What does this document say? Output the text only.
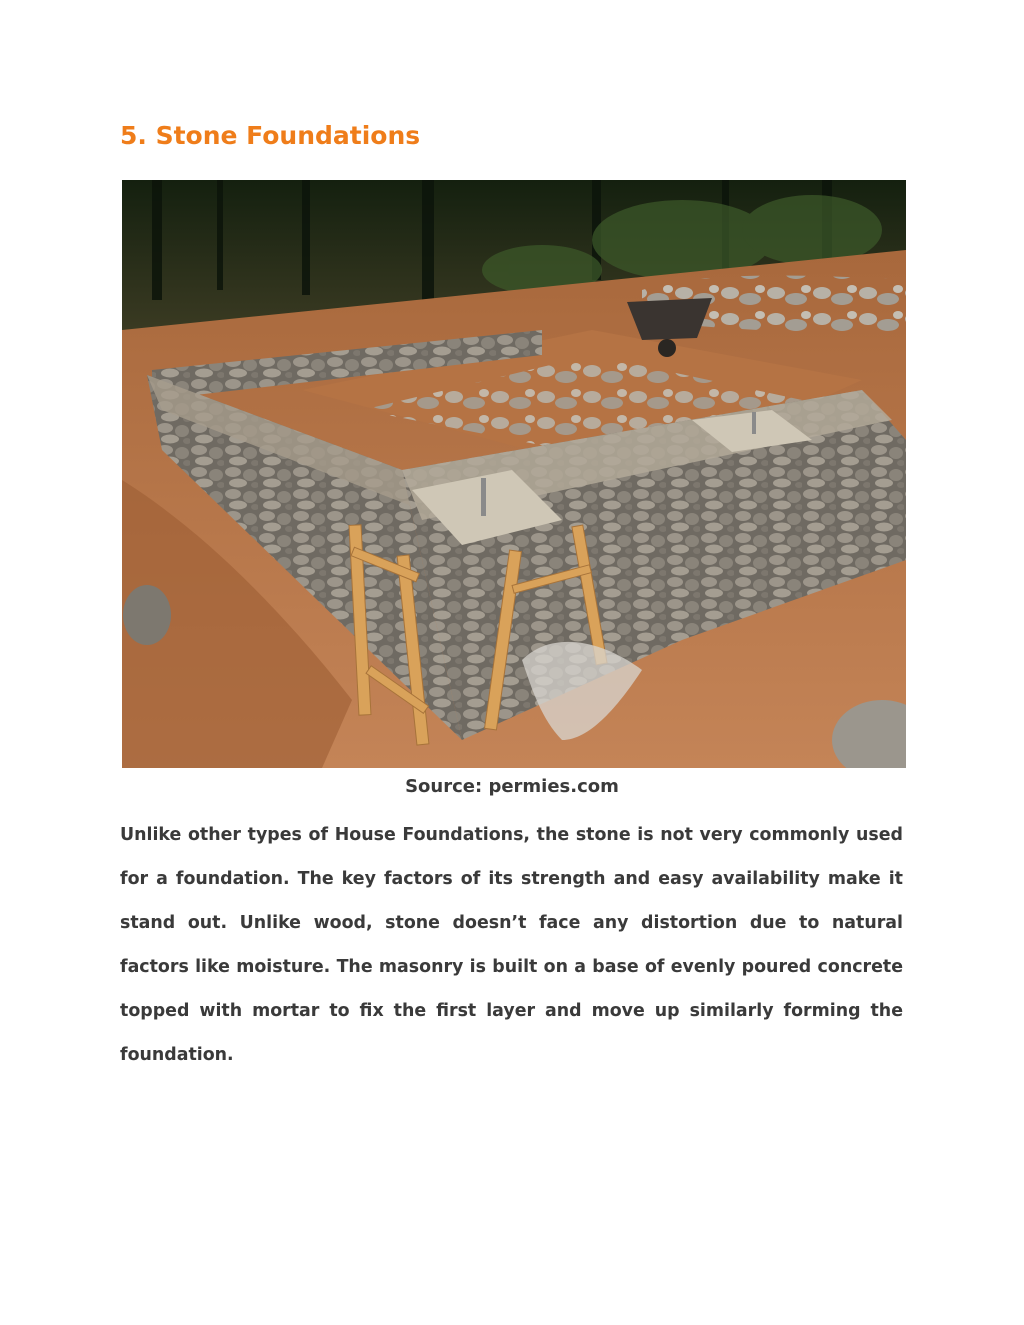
5. Stone Foundations
Source: permies.com

Unlike other types of House Foundations, the stone is not very commonly used for a foundation. The key factors of its strength and easy availability make it stand out. Unlike wood, stone doesn’t face any distortion due to natural factors like moisture. The masonry is built on a base of evenly poured concrete topped with mortar to fix the first layer and move up similarly forming the foundation.
